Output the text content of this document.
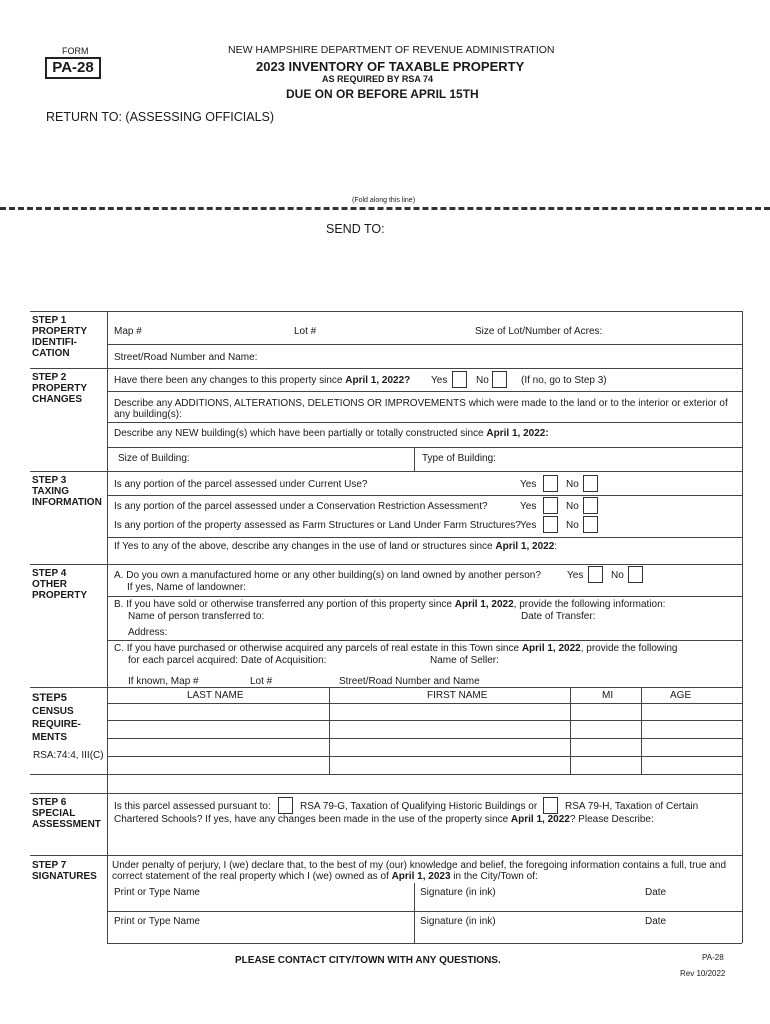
FORM
PA-28
NEW HAMPSHIRE DEPARTMENT OF REVENUE ADMINISTRATION
2023 INVENTORY OF TAXABLE PROPERTY
AS REQUIRED BY RSA 74
DUE ON OR BEFORE APRIL 15TH
RETURN TO: (ASSESSING OFFICIALS)
(Fold along this line)
SEND TO:
STEP 1 PROPERTY IDENTIFI- CATION
Map #	Lot #	Size of Lot/Number of Acres:
Street/Road Number and Name:
STEP 2 PROPERTY CHANGES
Have there been any changes to this property since April 1, 2022? Yes	No	(If no, go to Step 3)
Describe any ADDITIONS, ALTERATIONS, DELETIONS OR IMPROVEMENTS which were made to the land or to the interior or exterior of any building(s):
Describe any NEW building(s) which have been partially or totally constructed since April 1, 2022:
Size of Building:	Type of Building:
STEP 3 TAXING INFORMATION
Is any portion of the parcel assessed under Current Use?	Yes	No
Is any portion of the parcel assessed under a Conservation Restriction Assessment?	Yes	No
Is any portion of the property assessed as Farm Structures or Land Under Farm Structures? Yes	No
If Yes to any of the above, describe any changes in the use of land or structures since April 1, 2022:
STEP 4 OTHER PROPERTY
A. Do you own a manufactured home or any other building(s) on land owned by another person?	Yes	No
If yes, Name of landowner:
B. If you have sold or otherwise transferred any portion of this property since April 1, 2022, provide the following information:
Name of person transferred to:	Date of Transfer:
Address:
C. If you have purchased or otherwise acquired any parcels of real estate in this Town since April 1, 2022, provide the following
for each parcel acquired: Date of Acquisition:	Name of Seller:
If known, Map #	Lot #	Street/Road Number and Name
STEP5
CENSUS REQUIRE- MENTS
RSA:74:4, III(C)
LAST NAME	FIRST NAME	MI	AGE
STEP 6 SPECIAL ASSESSMENT
Is this parcel assessed pursuant to:	RSA 79-G, Taxation of Qualifying Historic Buildings or	RSA 79-H, Taxation of Certain
Chartered Schools? If yes, have any changes been made in the use of the property since April 1, 2022? Please Describe:
STEP 7 SIGNATURES
Under penalty of perjury, I (we) declare that, to the best of my (our) knowledge and belief, the foregoing information contains a full, true and
correct statement of the real property which I (we) owned as of April 1, 2023 in the City/Town of:
Print or Type Name	Signature (in ink)	Date
Print or Type Name	Signature (in ink)	Date
PLEASE CONTACT CITY/TOWN WITH ANY QUESTIONS.	PA-28
Rev 10/2022
